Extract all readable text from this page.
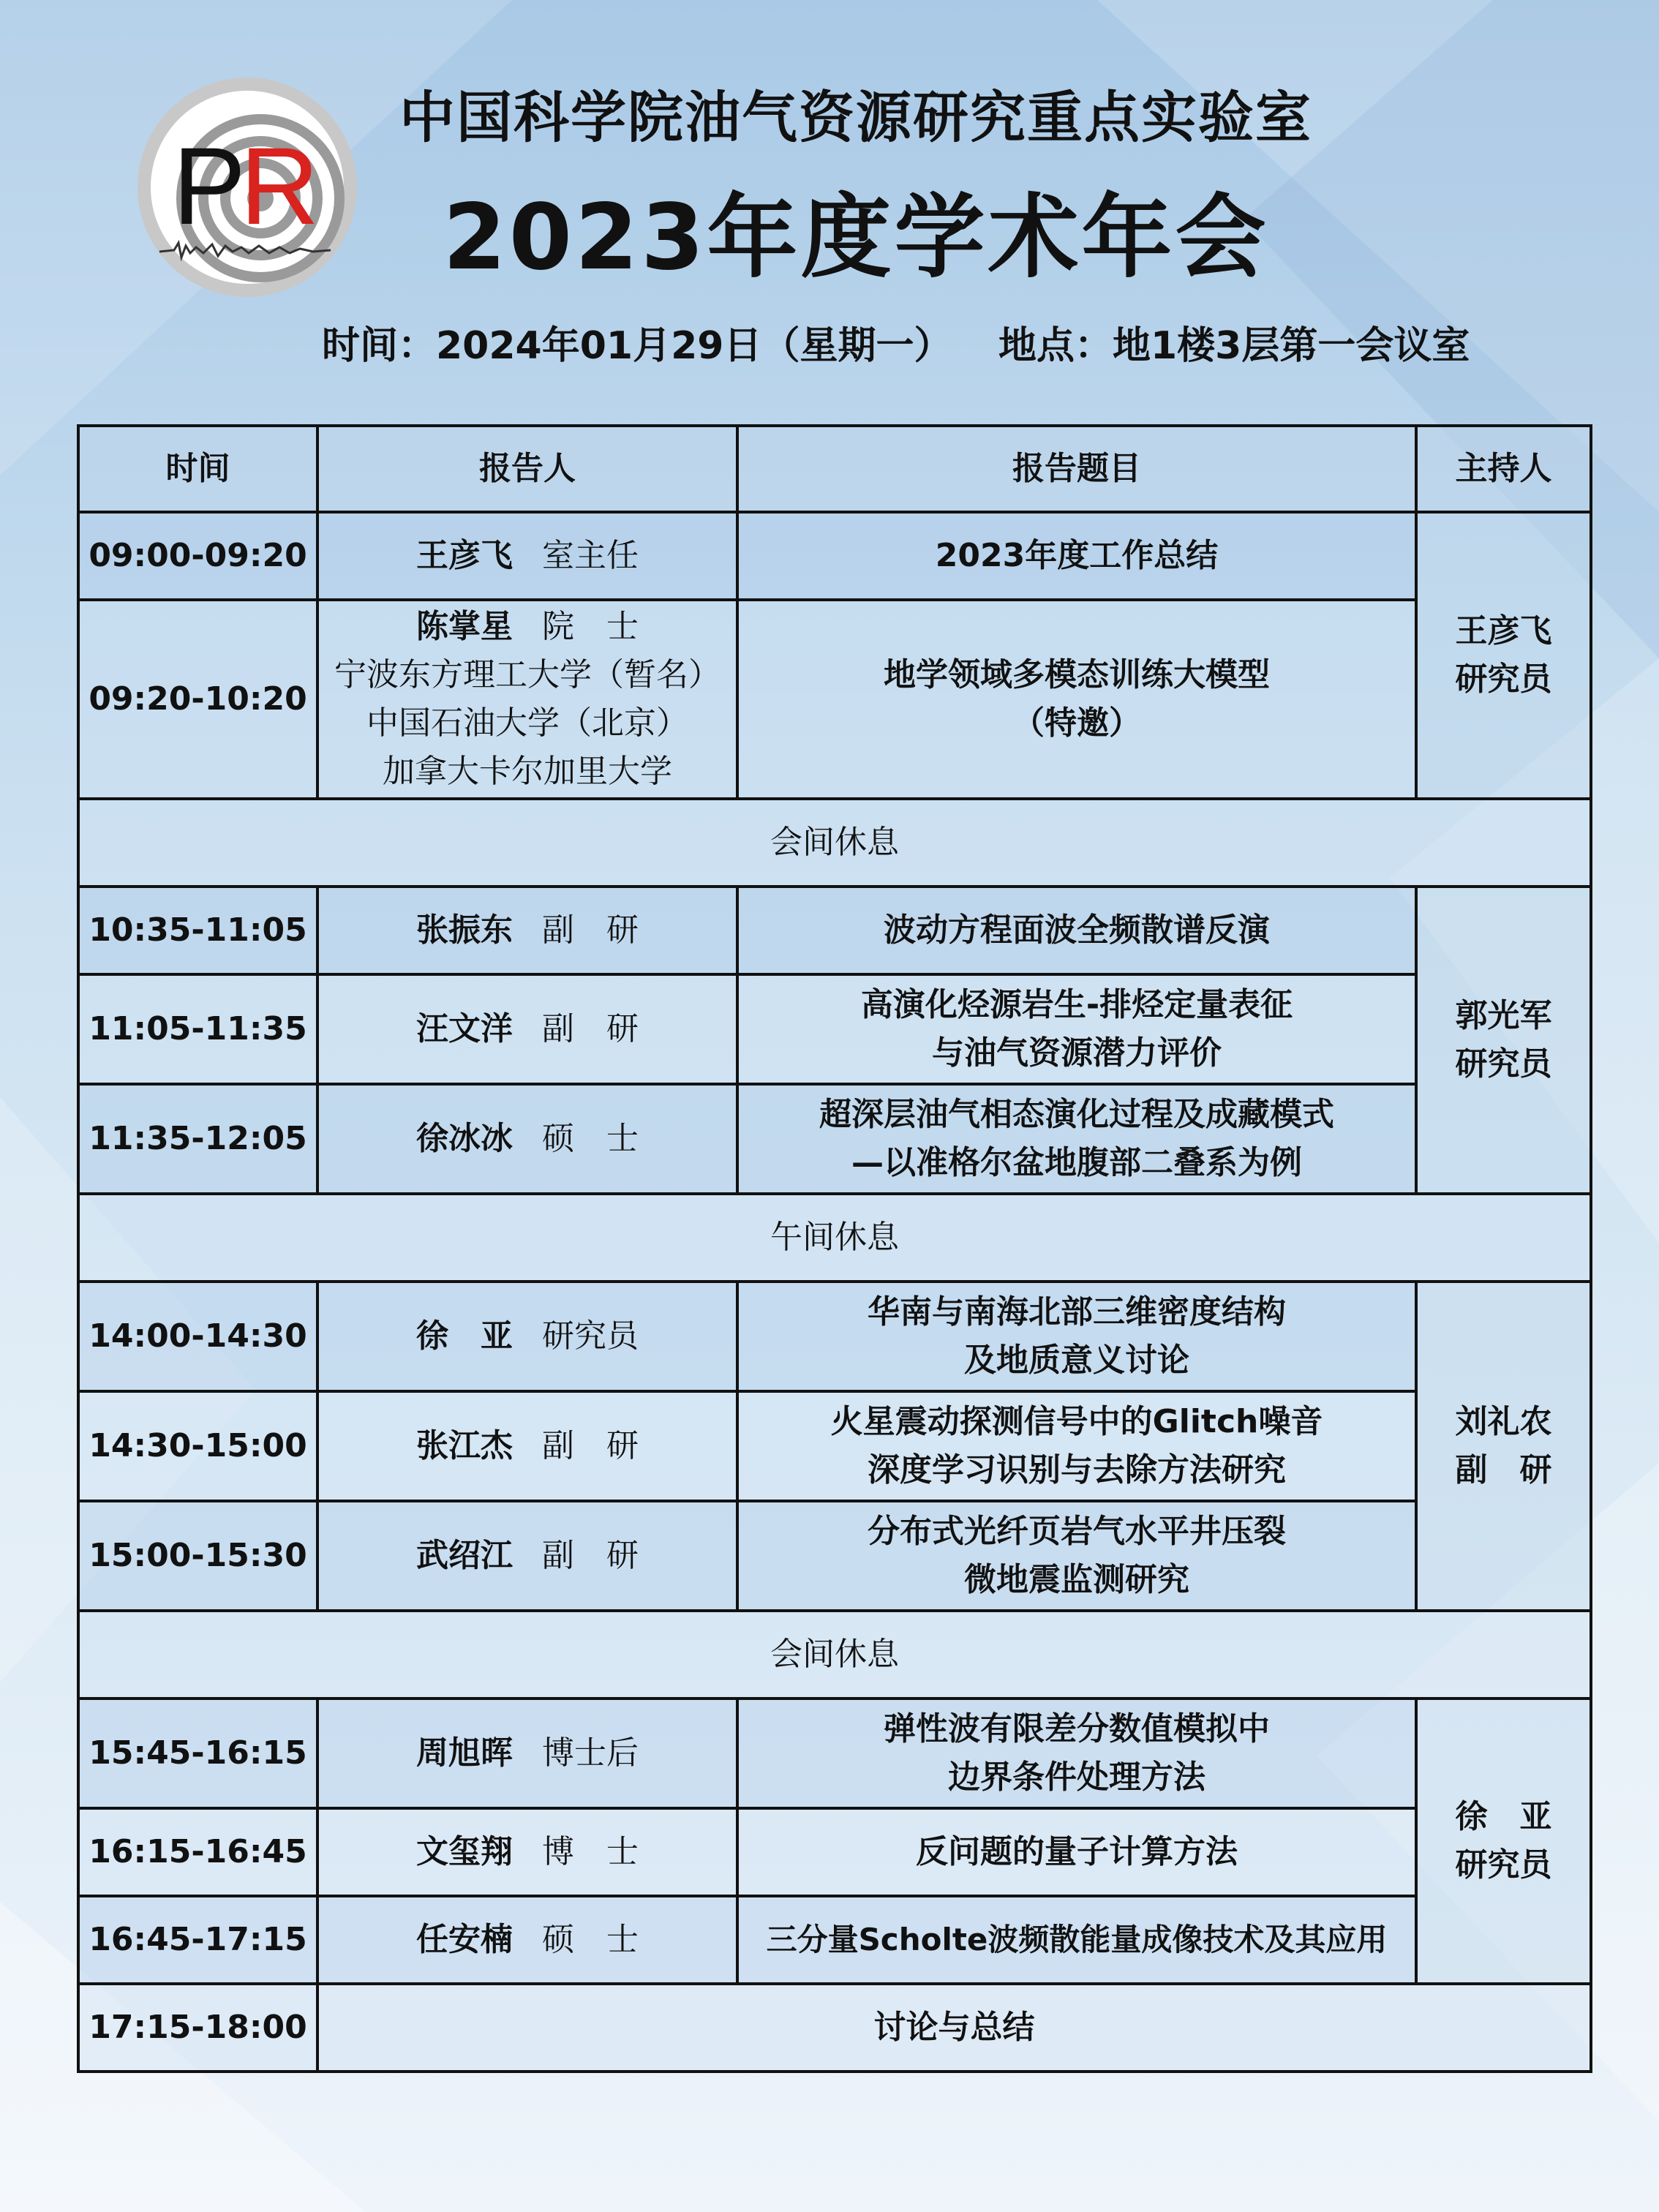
P
R
中国科学院油气资源研究重点实验室
2023年度学术年会
时间：2024年01月29日（星期一） 地点：地1楼3层第一会议室
时间	报告人	报告题目	主持人
09:00-09:20	王彦飞 室主任	2023年度工作总结	王彦飞
研究员

09:20-10:20	陈掌星 院　士
宁波东方理工大学（暂名）
中国石油大学（北京）
加拿大卡尔加里大学	地学领域多模态训练大模型
（特邀）	

会间休息			
10:35-11:05	张振东 副　研	波动方程面波全频散谱反演	郭光军
研究员

11:05-11:35	汪文洋 副　研	高演化烃源岩生-排烃定量表征
与油气资源潜力评价	

11:35-12:05	徐冰冰 硕　士	超深层油气相态演化过程及成藏模式
—以准格尔盆地腹部二叠系为例	

午间休息			
14:00-14:30	徐　亚 研究员	华南与南海北部三维密度结构
及地质意义讨论	刘礼农
副　研

14:30-15:00	张江杰 副　研	火星震动探测信号中的Glitch噪音
深度学习识别与去除方法研究	

15:00-15:30	武绍江 副　研	分布式光纤页岩气水平井压裂
微地震监测研究	

会间休息			
15:45-16:15	周旭晖 博士后	弹性波有限差分数值模拟中
边界条件处理方法	徐　亚
研究员

16:15-16:45	文玺翔 博　士	反问题的量子计算方法	

16:45-17:15	任安楠 硕　士	三分量Scholte波频散能量成像技术及其应用	

17:15-18:00	讨论与总结		
